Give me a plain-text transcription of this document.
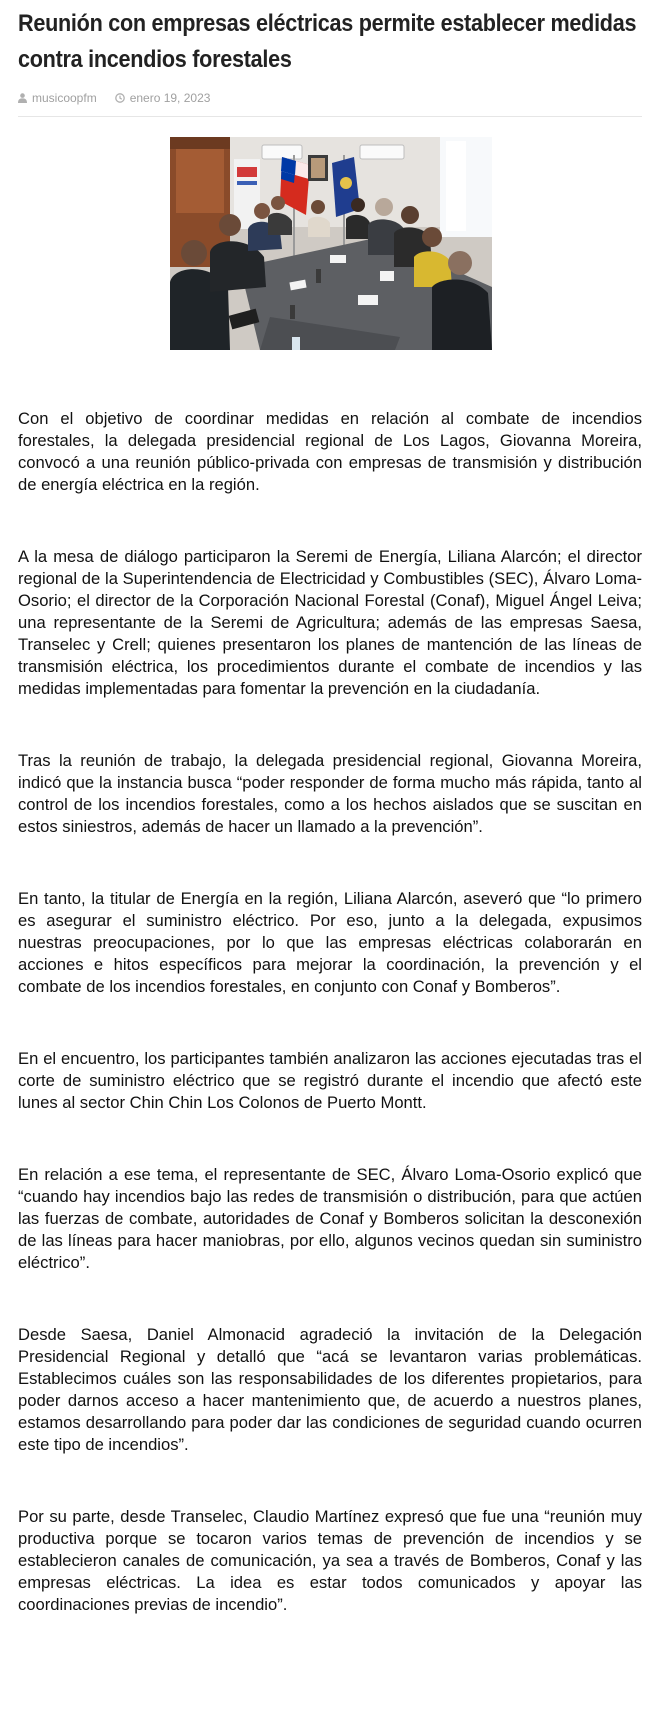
Reunión con empresas eléctricas permite establecer medidas contra incendios forestales
musicoopfm	enero 19, 2023

Con el objetivo de coordinar medidas en relación al combate de incendios forestales, la delegada presidencial regional de Los Lagos, Giovanna Moreira, convocó a una reunión público-privada con empresas de transmisión y distribución de energía eléctrica en la región.

A la mesa de diálogo participaron la Seremi de Energía, Liliana Alarcón; el director regional de la Superintendencia de Electricidad y Combustibles (SEC), Álvaro Loma-Osorio; el director de la Corporación Nacional Forestal (Conaf), Miguel Ángel Leiva; una representante de la Seremi de Agricultura; además de las empresas Saesa, Transelec y Crell; quienes presentaron los planes de mantención de las líneas de transmisión eléctrica, los procedimientos durante el combate de incendios y las medidas implementadas para fomentar la prevención en la ciudadanía.

Tras la reunión de trabajo, la delegada presidencial regional, Giovanna Moreira, indicó que la instancia busca “poder responder de forma mucho más rápida, tanto al control de los incendios forestales, como a los hechos aislados que se suscitan en estos siniestros, además de hacer un llamado a la prevención”.

En tanto, la titular de Energía en la región, Liliana Alarcón, aseveró que “lo primero es asegurar el suministro eléctrico. Por eso, junto a la delegada, expusimos nuestras preocupaciones, por lo que las empresas eléctricas colaborarán en acciones e hitos específicos para mejorar la coordinación, la prevención y el combate de los incendios forestales, en conjunto con Conaf y Bomberos”.

En el encuentro, los participantes también analizaron las acciones ejecutadas tras el corte de suministro eléctrico que se registró durante el incendio que afectó este lunes al sector Chin Chin Los Colonos de Puerto Montt.

En relación a ese tema, el representante de SEC, Álvaro Loma-Osorio explicó que “cuando hay incendios bajo las redes de transmisión o distribución, para que actúen las fuerzas de combate, autoridades de Conaf y Bomberos solicitan la desconexión de las líneas para hacer maniobras, por ello, algunos vecinos quedan sin suministro eléctrico”.

Desde Saesa, Daniel Almonacid agradeció la invitación de la Delegación Presidencial Regional y detalló que “acá se levantaron varias problemáticas. Establecimos cuáles son las responsabilidades de los diferentes propietarios, para poder darnos acceso a hacer mantenimiento que, de acuerdo a nuestros planes, estamos desarrollando para poder dar las condiciones de seguridad cuando ocurren este tipo de incendios”.

Por su parte, desde Transelec, Claudio Martínez expresó que fue una “reunión muy productiva porque se tocaron varios temas de prevención de incendios y se establecieron canales de comunicación, ya sea a través de Bomberos, Conaf y las empresas eléctricas. La idea es estar todos comunicados y apoyar las coordinaciones previas de incendio”.
